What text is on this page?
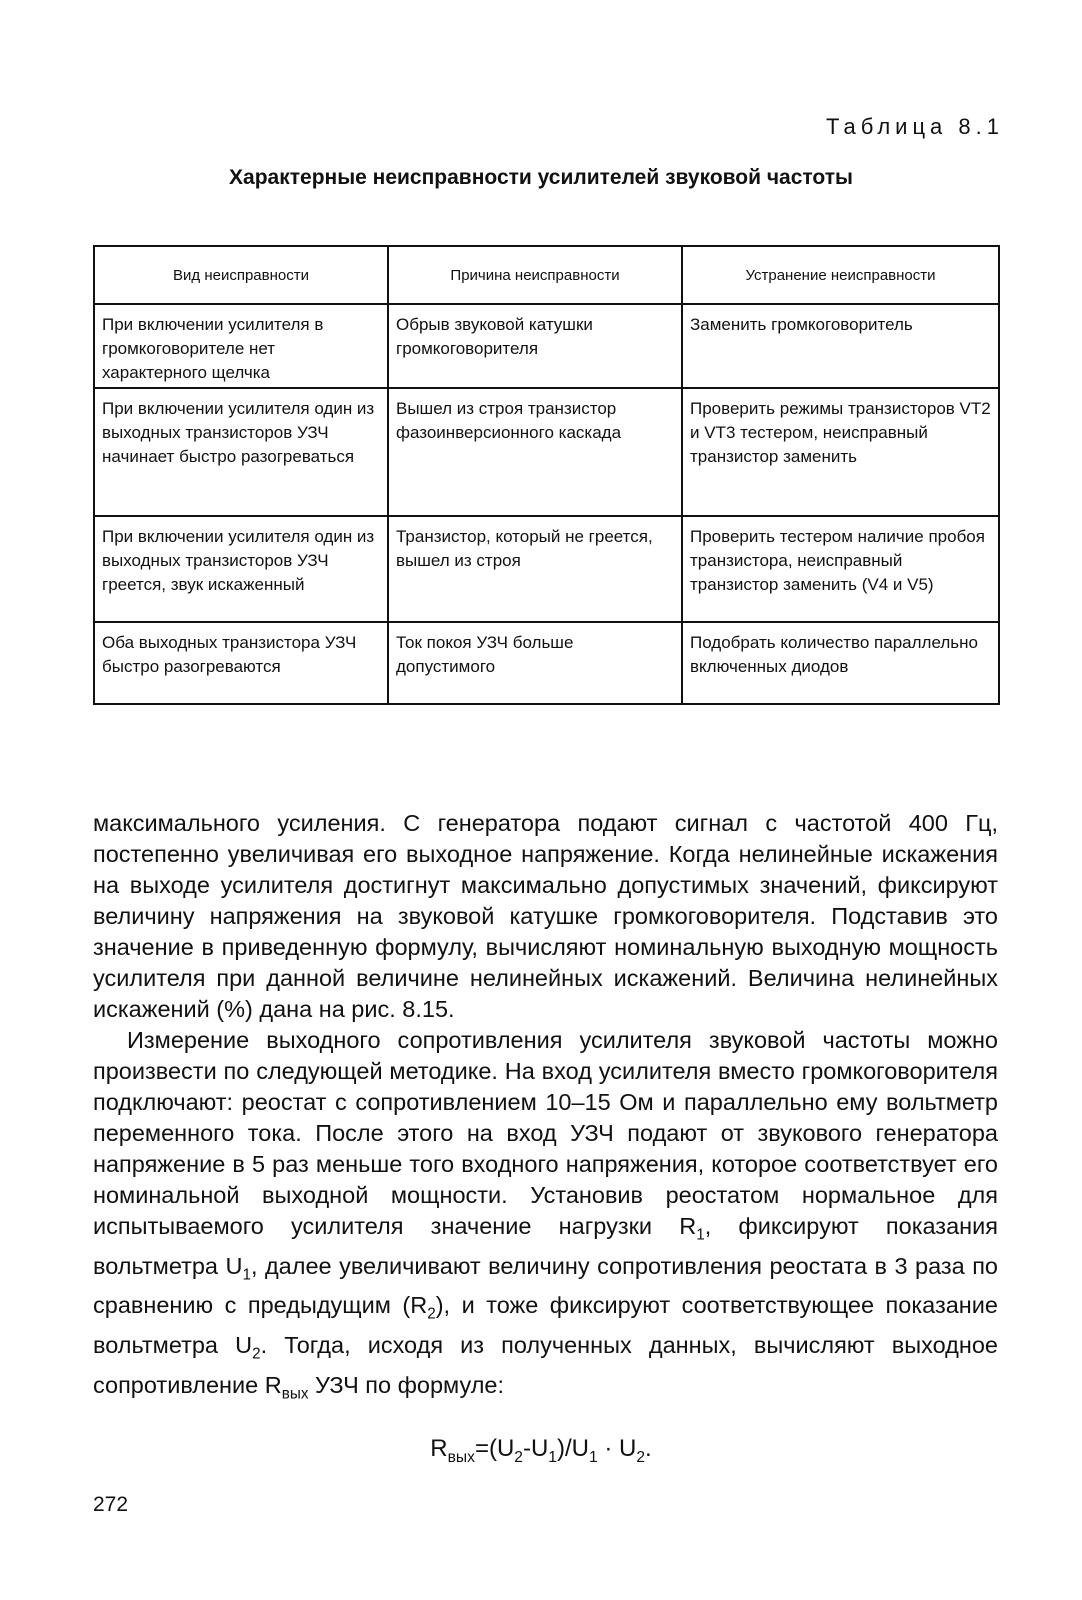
Таблица 8.1
Характерные неисправности усилителей звуковой частоты
Вид неисправности	Причина неисправности	Устранение неисправности
При включении усилителя в громкоговорителе нет характерного щелчка	Обрыв звуковой катушки громкоговорителя	Заменить громкоговоритель
При включении усилителя один из выходных транзисторов УЗЧ начинает быстро разогреваться	Вышел из строя транзистор фазоинверсионного каскада	Проверить режимы транзисторов VT2 и VT3 тестером, неисправный транзистор заменить
При включении усилителя один из выходных транзисторов УЗЧ греется, звук искаженный	Транзистор, который не греется, вышел из строя	Проверить тестером наличие пробоя транзистора, неисправный транзистор заменить (V4 и V5)
Оба выходных транзистора УЗЧ быстро разогреваются	Ток покоя УЗЧ больше допустимого	Подобрать количество параллельно включенных диодов

максимального усиления. С генератора подают сигнал с частотой 400 Гц, постепенно увеличивая его выходное напряжение. Когда нелинейные искажения на выходе усилителя достигнут максимально допустимых значений, фиксируют величину напряжения на звуковой катушке громкоговорителя. Подставив это значение в приведенную формулу, вычисляют номинальную выходную мощность усилителя при данной величине нелинейных искажений. Величина нелинейных искажений (%) дана на рис. 8.15.

Измерение выходного сопротивления усилителя звуковой частоты можно произвести по следующей методике. На вход усилителя вместо громкоговорителя подключают: реостат с сопротивлением 10–15 Ом и параллельно ему вольтметр переменного тока. После этого на вход УЗЧ подают от звукового генератора напряжение в 5 раз меньше того входного напряжения, которое соответствует его номинальной выходной мощности. Установив реостатом нормальное для испытываемого усилителя значение нагрузки $R_1$, фиксируют показания вольтметра $U_1$, далее увеличивают величину сопротивления реостата в 3 раза по сравнению с предыдущим $(R_2)$, и тоже фиксируют соответствующее показание вольтметра $U_2$. Тогда, исходя из полученных данных, вычисляют выходное сопротивление $R_{вых}$ УЗЧ по формуле:

$R_{вых}=(U_2-U_1)/U_1 \cdot U_2$.
272
